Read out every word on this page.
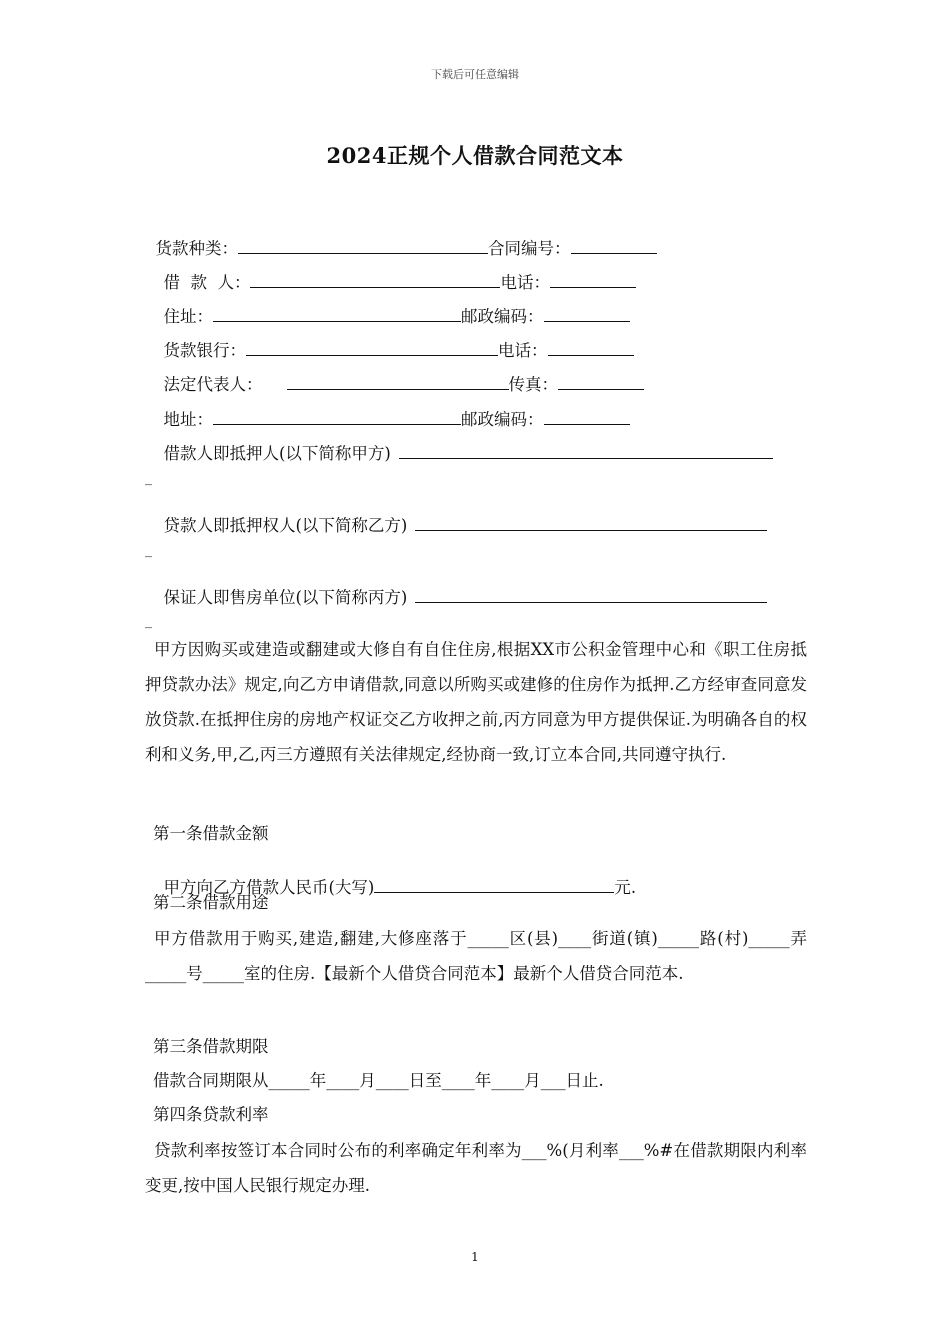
下载后可任意编辑
2024正规个人借款合同范文本

货款种类：	合同编号：

借  款  人：	电话：

住址：	邮政编码：

货款银行：	电话：

法定代表人：	传真：

地址：	邮政编码：

借款人即抵押人(以下简称甲方)

_

贷款人即抵押权人(以下简称乙方)

_

保证人即售房单位(以下简称丙方)

_
甲方因购买或建造或翻建或大修自有自住住房,根据XX市公积金管理中心和《职工住房抵押贷款办法》规定,向乙方申请借款,同意以所购买或建修的住房作为抵押.乙方经审查同意发放贷款.在抵押住房的房地产权证交乙方收押之前,丙方同意为甲方提供保证.为明确各自的权利和义务,甲,乙,丙三方遵照有关法律规定,经协商一致,订立本合同,共同遵守执行.
第一条借款金额

甲方向乙方借款人民币(大写)	元.

第二条借款用途
甲方借款用于购买,建造,翻建,大修座落于_____区(县)____街道(镇)_____路(村)_____弄_____号_____室的住房.【最新个人借贷合同范本】最新个人借贷合同范本.
第三条借款期限
借款合同期限从_____年____月____日至____年____月___日止.
第四条贷款利率
贷款利率按签订本合同时公布的利率确定年利率为___%(月利率___%#在借款期限内利率变更,按中国人民银行规定办理.
1
